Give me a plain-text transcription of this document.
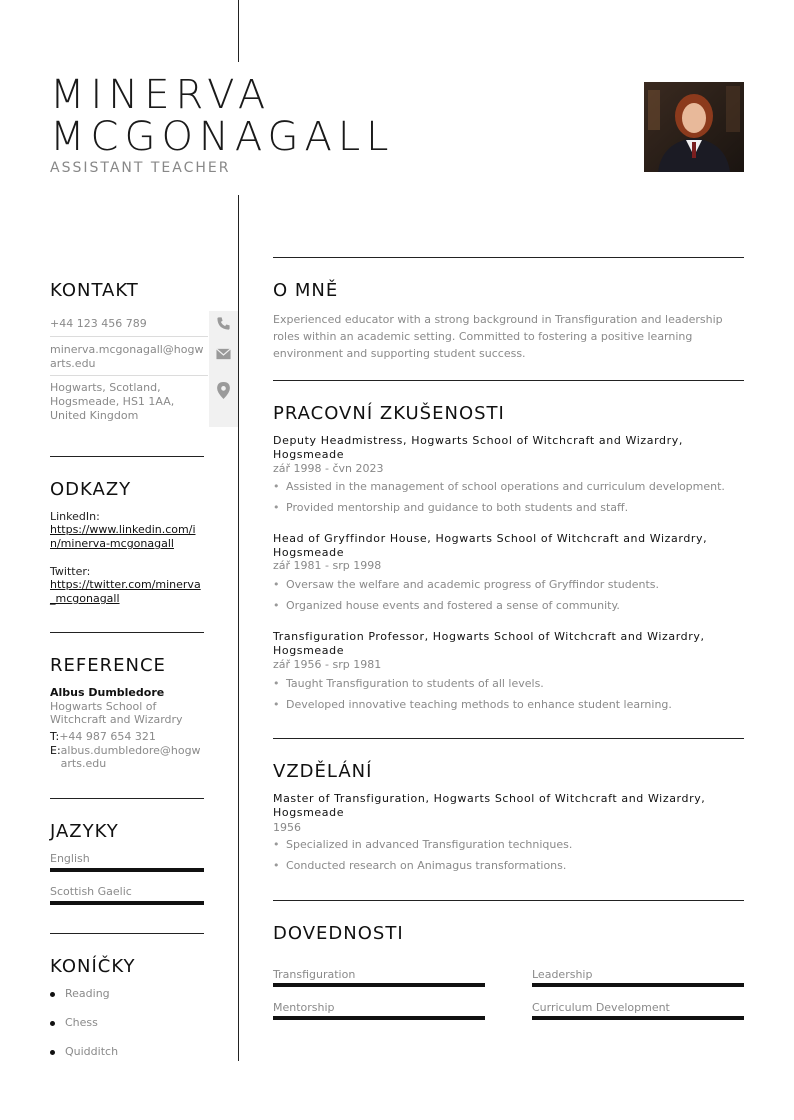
MINERVA
MCGONAGALL
ASSISTANT TEACHER
KONTAKT
+44 123 456 789
minerva.mcgonagall@hogwarts.edu
Hogwarts, Scotland, Hogsmeade, HS1 1AA, United Kingdom
ODKAZY
LinkedIn:
https://www.linkedin.com/in/minerva-mcgonagall
Twitter:
https://twitter.com/minerva_mcgonagall
REFERENCE
Albus Dumbledore
Hogwarts School of Witchcraft and Wizardry
T:+44 987 654 321
E: albus.dumbledore@hogwarts.edu
JAZYKY
English
Scottish Gaelic
KONÍČKY
Reading
Chess
Quidditch
O MNĚ
Experienced educator with a strong background in Transfiguration and leadership roles within an academic setting. Committed to fostering a positive learning environment and supporting student success.
PRACOVNÍ ZKUŠENOSTI
Deputy Headmistress, Hogwarts School of Witchcraft and Wizardry, Hogsmeade
zář 1998 - čvn 2023
• Assisted in the management of school operations and curriculum development.
• Provided mentorship and guidance to both students and staff.
Head of Gryffindor House, Hogwarts School of Witchcraft and Wizardry, Hogsmeade
zář 1981 - srp 1998
• Oversaw the welfare and academic progress of Gryffindor students.
• Organized house events and fostered a sense of community.
Transfiguration Professor, Hogwarts School of Witchcraft and Wizardry, Hogsmeade
zář 1956 - srp 1981
• Taught Transfiguration to students of all levels.
• Developed innovative teaching methods to enhance student learning.
VZDĚLÁNÍ
Master of Transfiguration, Hogwarts School of Witchcraft and Wizardry, Hogsmeade
1956
• Specialized in advanced Transfiguration techniques.
• Conducted research on Animagus transformations.
DOVEDNOSTI
Transfiguration	Leadership
Mentorship	Curriculum Development
